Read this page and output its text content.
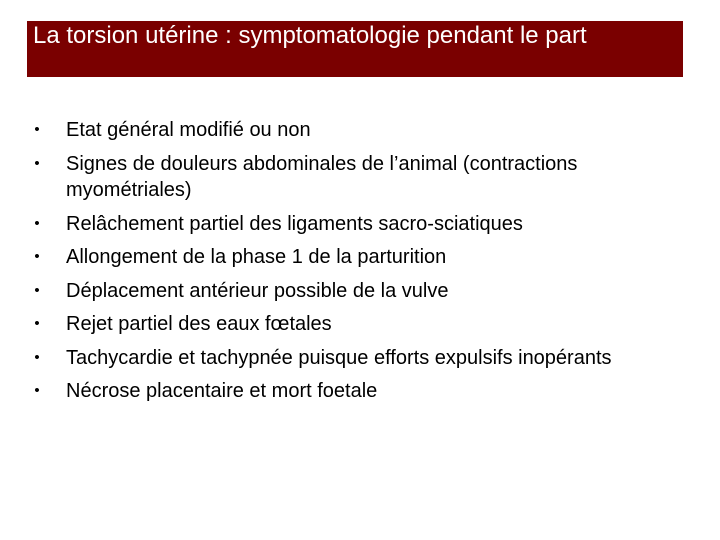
La torsion utérine : symptomatologie pendant le part
• Etat général modifié ou non
• Signes de douleurs abdominales de l’animal (contractions myométriales)
• Relâchement partiel des ligaments sacro-sciatiques
• Allongement de la phase 1 de la parturition
• Déplacement antérieur possible de la vulve
• Rejet partiel des eaux fœtales
• Tachycardie et tachypnée puisque efforts expulsifs inopérants
• Nécrose placentaire et mort foetale
